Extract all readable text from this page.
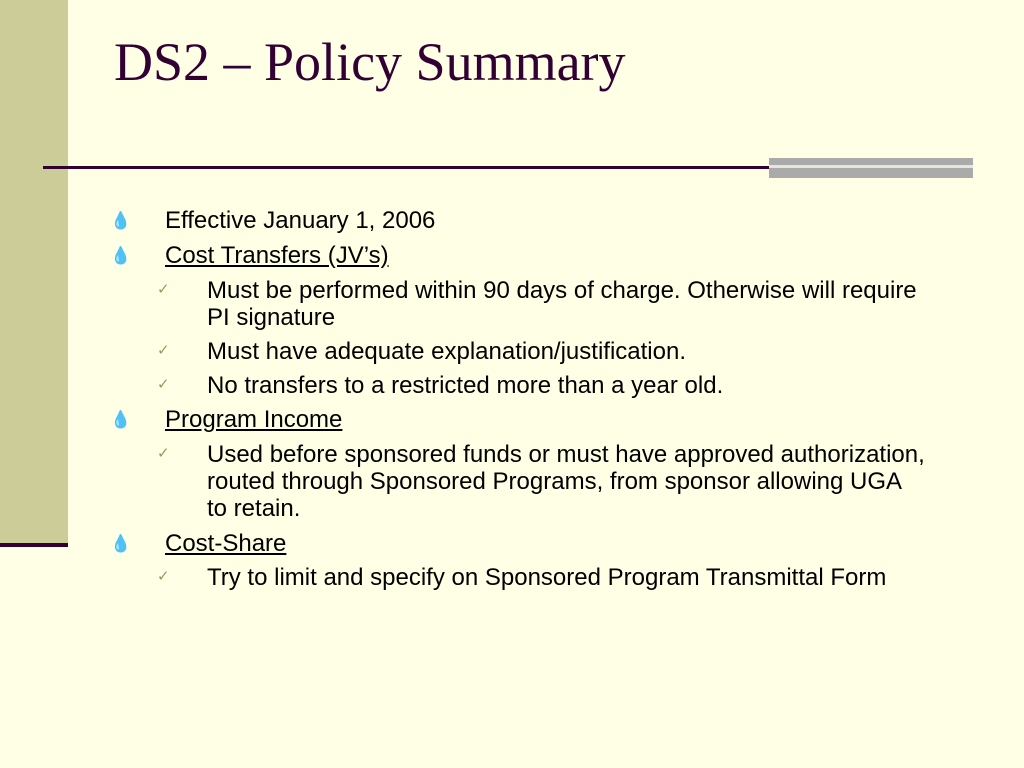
DS2 – Policy Summary
💧 Effective January 1, 2006
💧 Cost Transfers (JV’s)
✓ Must be performed within 90 days of charge. Otherwise will require PI signature
✓ Must have adequate explanation/justification.
✓ No transfers to a restricted more than a year old.
💧 Program Income
✓ Used before sponsored funds or must have approved authorization, routed through Sponsored Programs, from sponsor allowing UGA to retain.
💧 Cost-Share
✓ Try to limit and specify on Sponsored Program Transmittal Form
